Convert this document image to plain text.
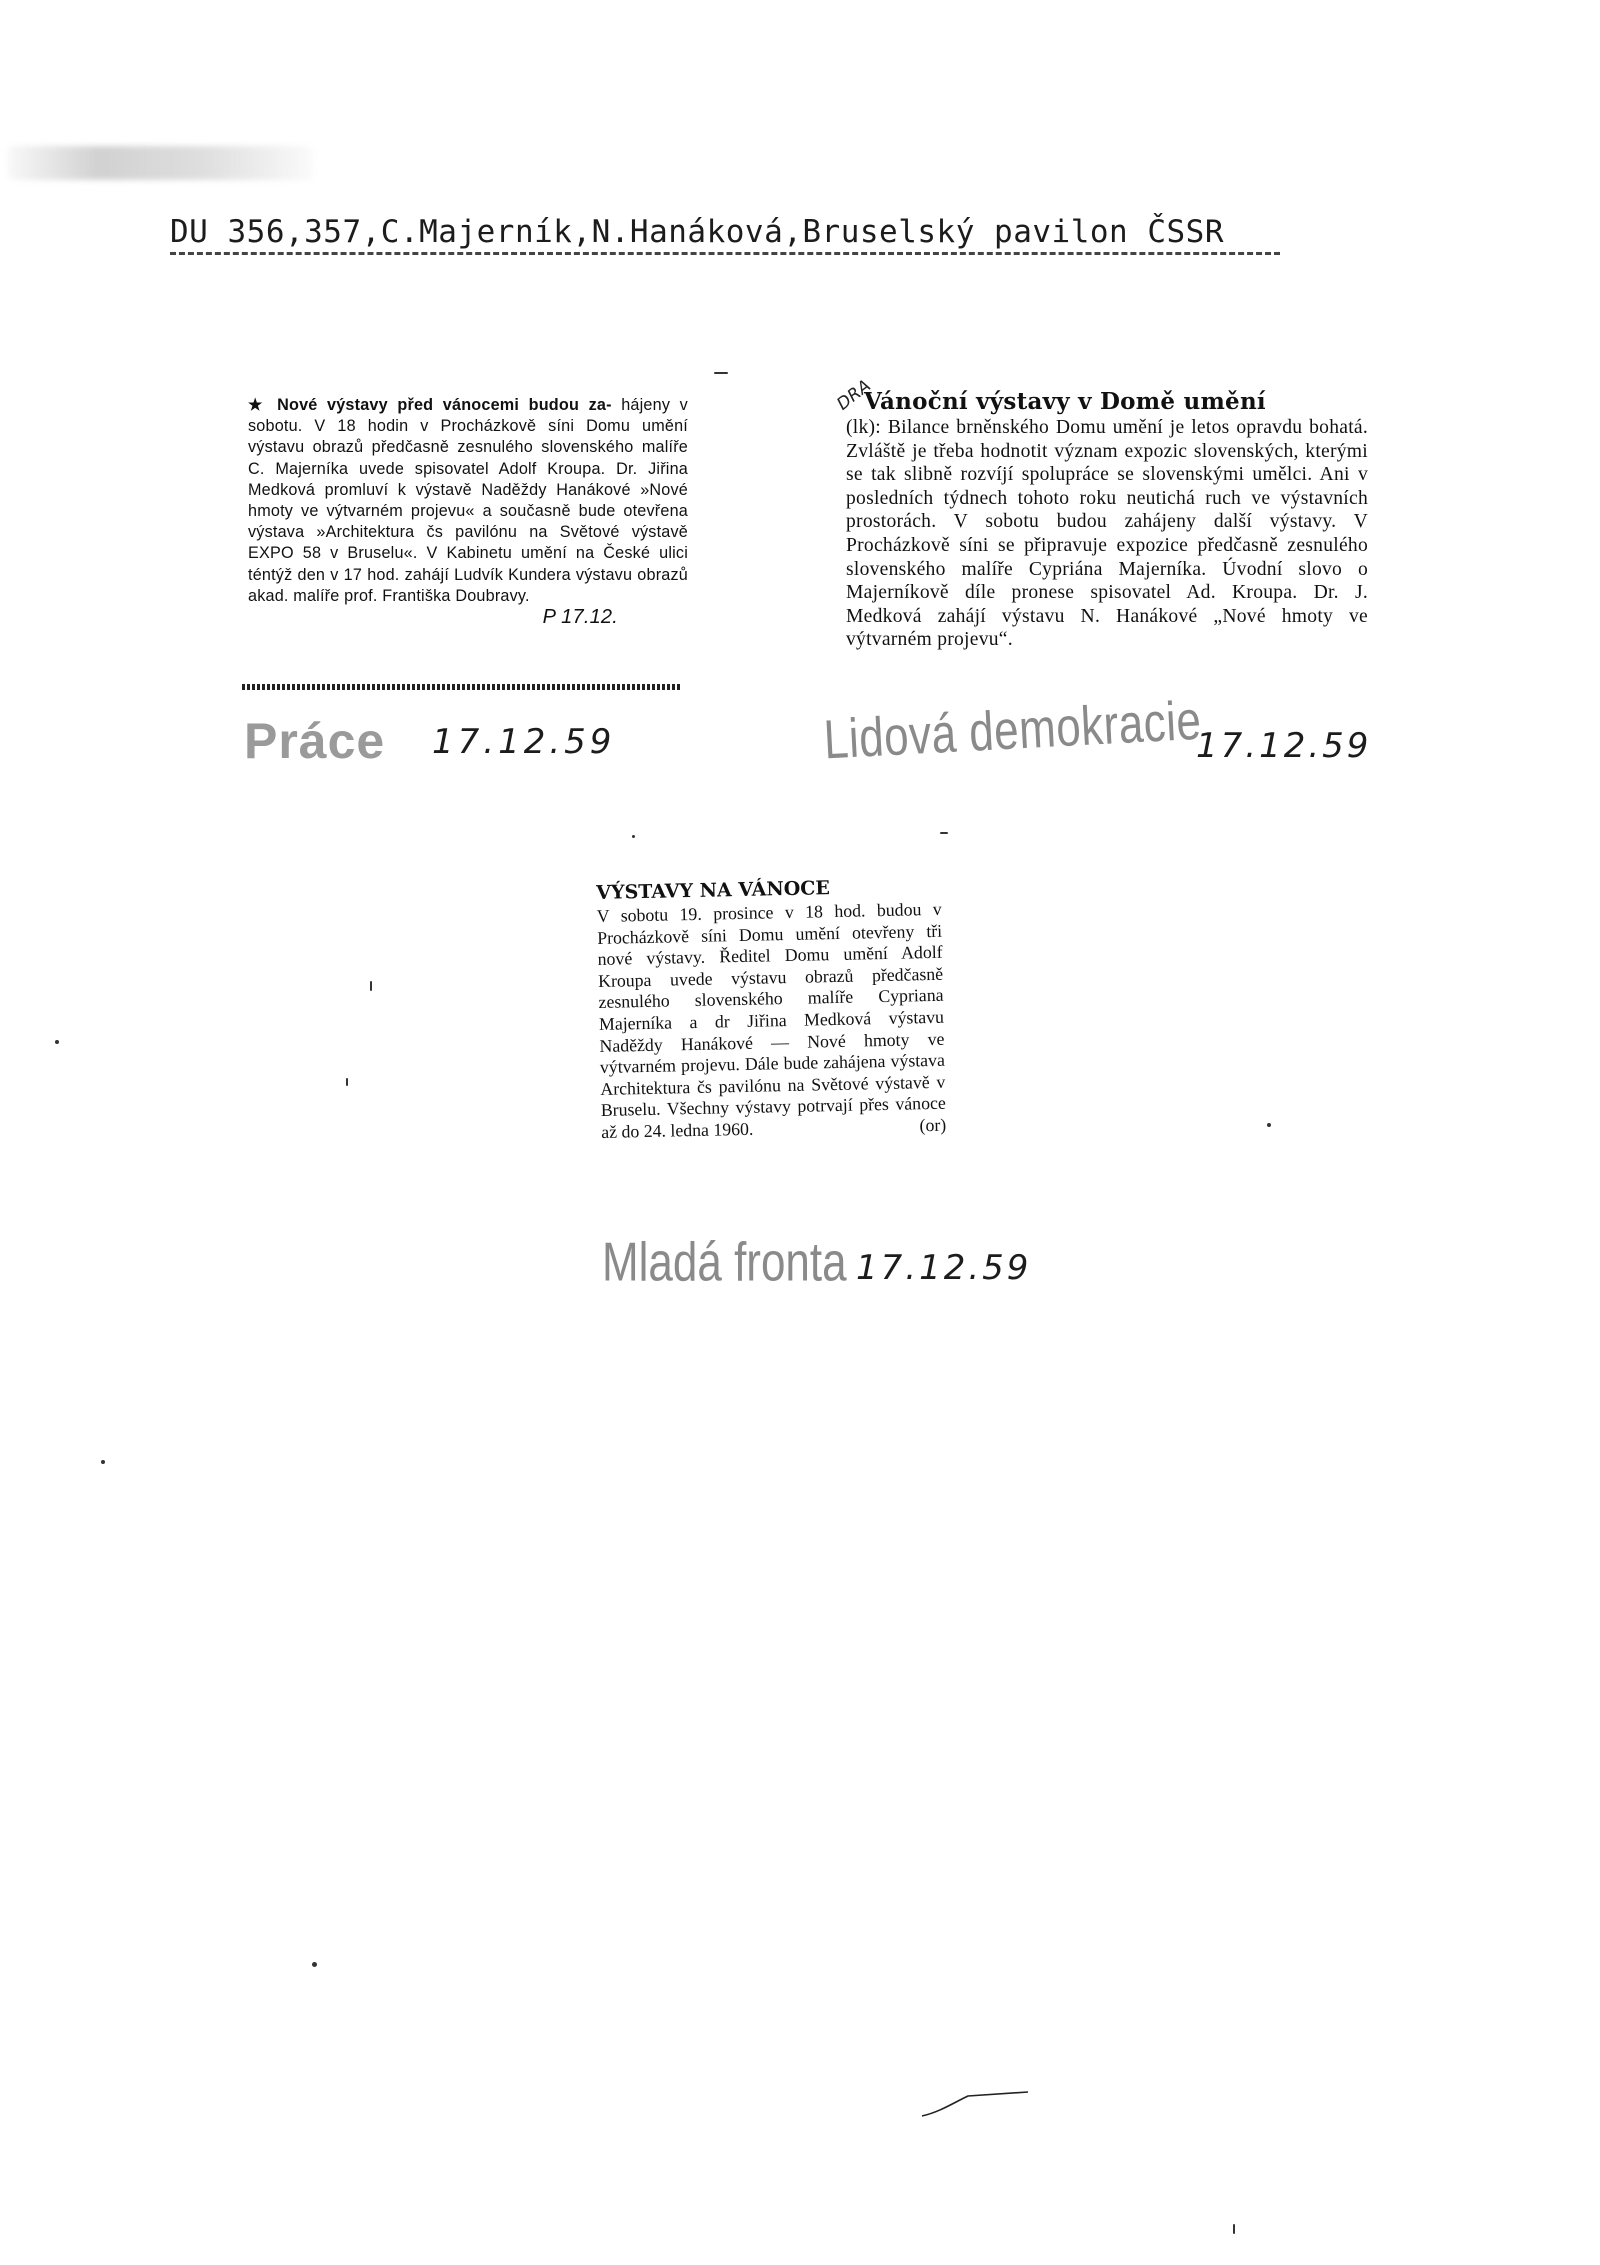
DU 356,357,C.Majerník,N.Hanáková,Bruselský pavilon ČSSR

★ Nové výstavy před vánocemi budou za- hájeny v sobotu. V 18 hodin v Procházkově síni Domu umění výstavu obrazů předčasně zesnulého slovenského malíře C. Majerníka uvede spisovatel Adolf Kroupa. Dr. Jiřina Medková promluví k výstavě Naděždy Hanákové »Nové hmoty ve výtvarném projevu« a současně bude otevřena výstava »Architektura čs pavilónu na Světové výstavě EXPO 58 v Bruselu«. V Kabinetu umění na České ulici téntýž den v 17 hod. zahájí Ludvík Kundera výstavu obrazů akad. malíře prof. Františka Doubravy.

P 17.12.
Práce 17.12.59
DRA
Vánoční výstavy v Domě umění

(lk): Bilance brněnského Domu umění je letos opravdu bohatá. Zvláště je třeba hodnotit význam expozic slovenských, kterými se tak slibně rozvíjí spolupráce se slovenskými umělci. Ani v posledních týdnech tohoto roku neutichá ruch ve výstavních prostorách. V sobotu budou zahájeny další výstavy. V Procházkově síni se připravuje expozice předčasně zesnulého slovenského malíře Cypriána Majerníka. Úvodní slovo o Majerníkově díle pronese spisovatel Ad. Kroupa. Dr. J. Medková zahájí výstavu N. Hanákové „Nové hmoty ve výtvarném projevu“.

Lidová demokracie
17.12.59
VÝSTAVY NA VÁNOCE

V sobotu 19. prosince v 18 hod. budou v Procházkově síni Domu umění otevřeny tři nové výstavy. Ředitel Domu umění Adolf Kroupa uvede výstavu obrazů předčasně zesnulého slovenského malíře Cypriana Majerníka a dr Jiřina Medková výstavu Naděždy Hanákové — Nové hmoty ve výtvarném projevu. Dále bude zahájena výstava Architektura čs pavilónu na Světové výstavě v Bruselu. Všechny výstavy potrvají přes vánoce až do 24. ledna 1960.	(or)

Mladá fronta 17.12.59
